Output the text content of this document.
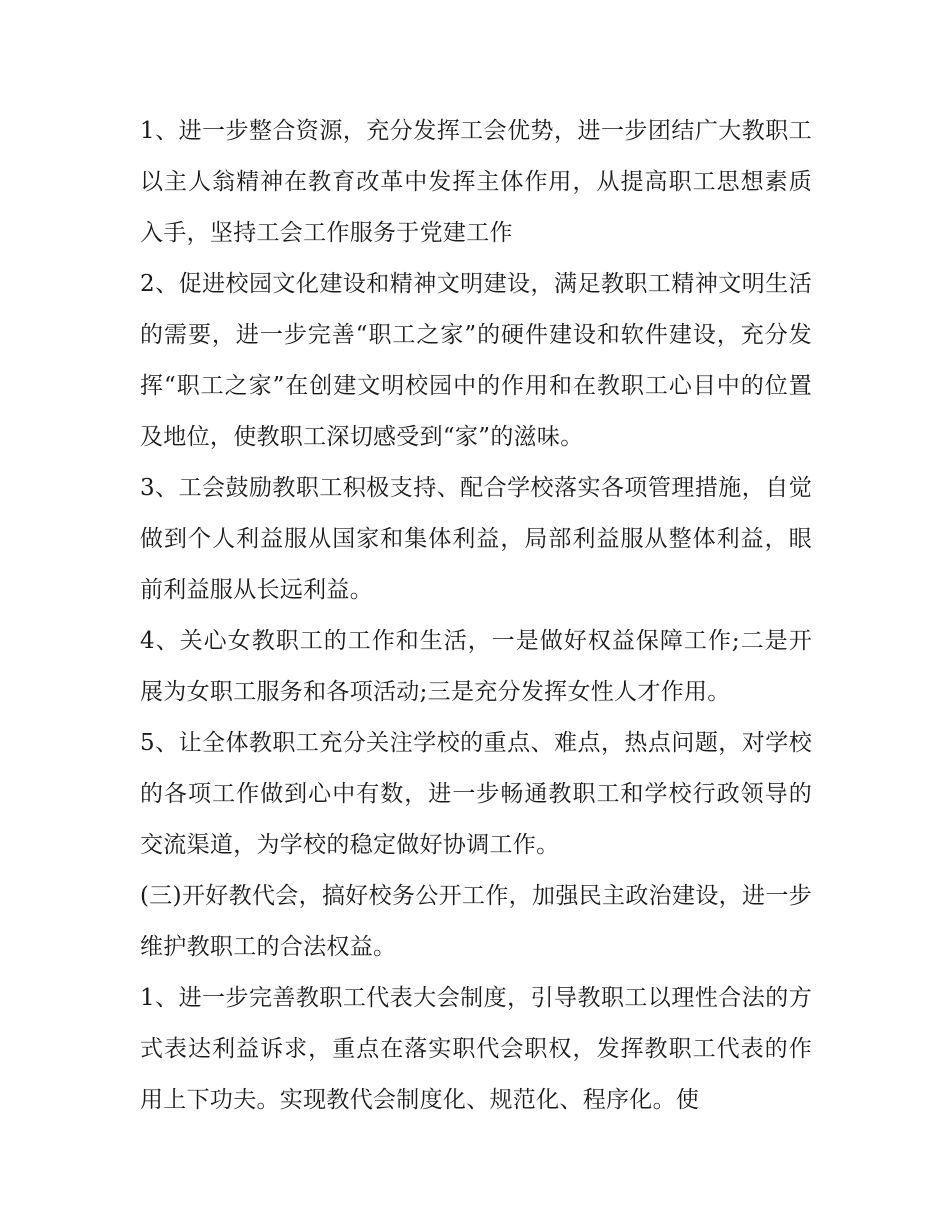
1、进一步整合资源，充分发挥工会优势，进一步团结广大教职工以主人翁精神在教育改革中发挥主体作用，从提高职工思想素质入手，坚持工会工作服务于党建工作

2、促进校园文化建设和精神文明建设，满足教职工精神文明生活的需要，进一步完善“职工之家”的硬件建设和软件建设，充分发挥“职工之家”在创建文明校园中的作用和在教职工心目中的位置及地位，使教职工深切感受到“家”的滋味。

3、工会鼓励教职工积极支持、配合学校落实各项管理措施，自觉做到个人利益服从国家和集体利益，局部利益服从整体利益，眼前利益服从长远利益。

4、关心女教职工的工作和生活，一是做好权益保障工作;二是开展为女职工服务和各项活动;三是充分发挥女性人才作用。

5、让全体教职工充分关注学校的重点、难点，热点问题，对学校的各项工作做到心中有数，进一步畅通教职工和学校行政领导的交流渠道，为学校的稳定做好协调工作。

(三)开好教代会，搞好校务公开工作，加强民主政治建设，进一步维护教职工的合法权益。

1、进一步完善教职工代表大会制度，引导教职工以理性合法的方式表达利益诉求，重点在落实职代会职权，发挥教职工代表的作用上下功夫。实现教代会制度化、规范化、程序化。使
